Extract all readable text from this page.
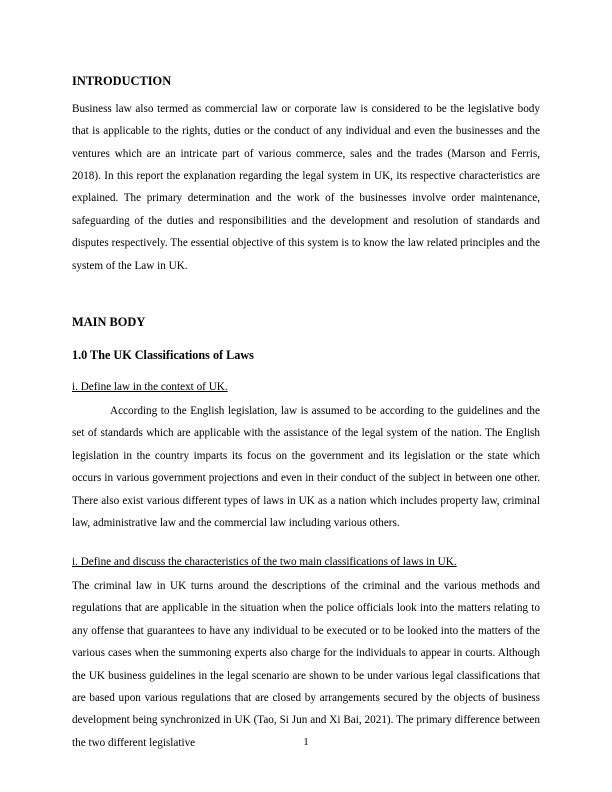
INTRODUCTION

Business law also termed as commercial law or corporate law is considered to be the legislative body that is applicable to the rights, duties or the conduct of any individual and even the businesses and the ventures which are an intricate part of various commerce, sales and the trades (Marson and Ferris, 2018). In this report the explanation regarding the legal system in UK, its respective characteristics are explained. The primary determination and the work of the businesses involve order maintenance, safeguarding of the duties and responsibilities and the development and resolution of standards and disputes respectively. The essential objective of this system is to know the law related principles and the system of the Law in UK.

MAIN BODY
1.0 The UK Classifications of Laws

i. Define law in the context of UK.

According to the English legislation, law is assumed to be according to the guidelines and the set of standards which are applicable with the assistance of the legal system of the nation. The English legislation in the country imparts its focus on the government and its legislation or the state which occurs in various government projections and even in their conduct of the subject in between one other. There also exist various different types of laws in UK as a nation which includes property law, criminal law, administrative law and the commercial law including various others.

i. Define and discuss the characteristics of the two main classifications of laws in UK.

The criminal law in UK turns around the descriptions of the criminal and the various methods and regulations that are applicable in the situation when the police officials look into the matters relating to any offense that guarantees to have any individual to be executed or to be looked into the matters of the various cases when the summoning experts also charge for the individuals to appear in courts. Although the UK business guidelines in the legal scenario are shown to be under various legal classifications that are based upon various regulations that are closed by arrangements secured by the objects of business development being synchronized in UK (Tao, Si Jun and Xi Bai, 2021). The primary difference between the two different legislative	1
